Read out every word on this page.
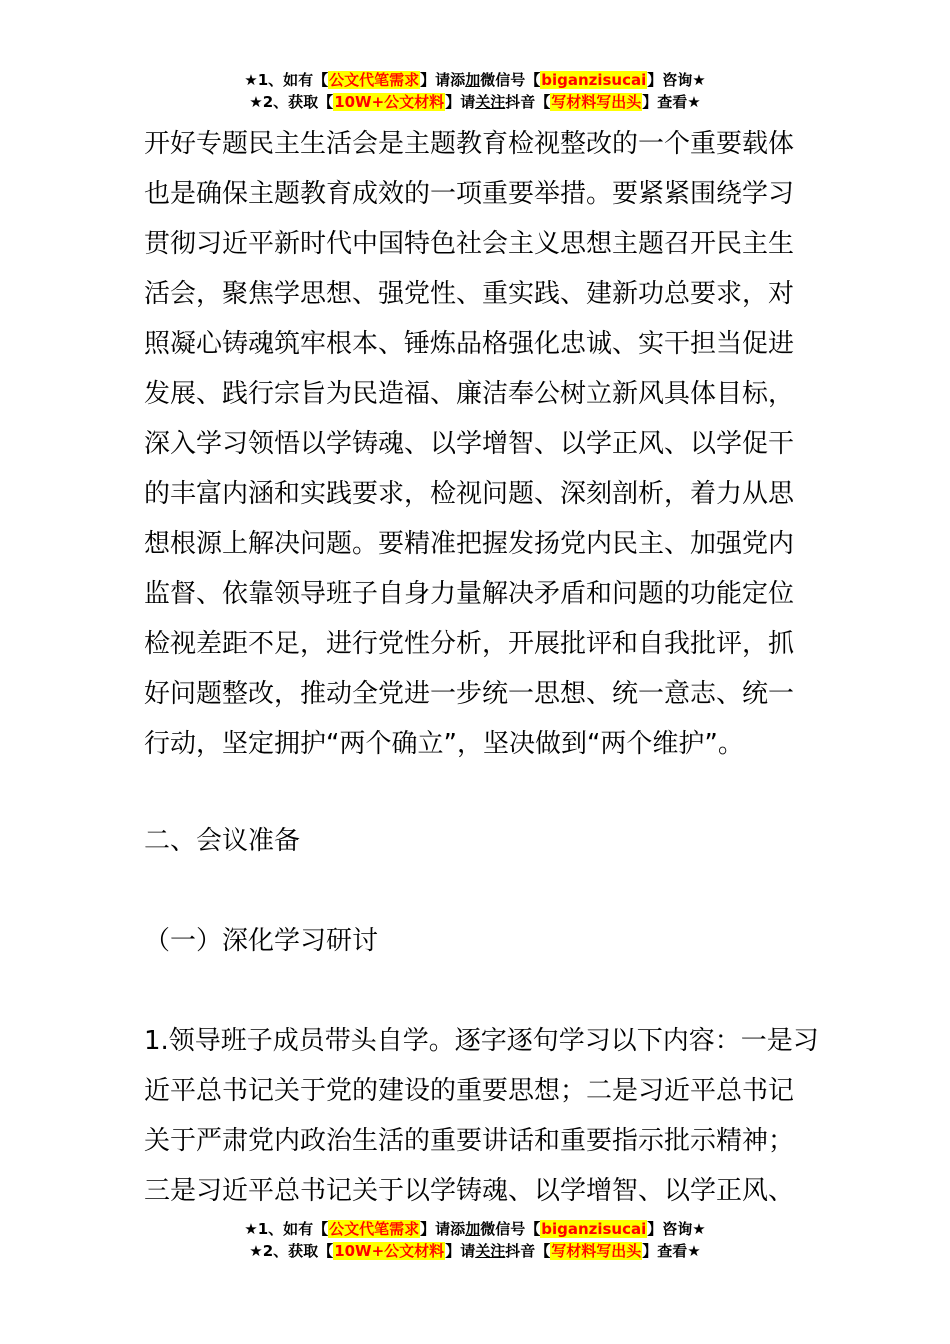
★1、如有【公文代笔需求】请添加微信号【biganzisucai】咨询★
★2、获取【10W+公文材料】请关注抖音【写材料写出头】查看★
开好专题民主生活会是主题教育检视整改的一个重要载体
也是确保主题教育成效的一项重要举措。要紧紧围绕学习
贯彻习近平新时代中国特色社会主义思想主题召开民主生
活会，聚焦学思想、强党性、重实践、建新功总要求，对
照凝心铸魂筑牢根本、锤炼品格强化忠诚、实干担当促进
发展、践行宗旨为民造福、廉洁奉公树立新风具体目标，
深入学习领悟以学铸魂、以学增智、以学正风、以学促干
的丰富内涵和实践要求，检视问题、深刻剖析，着力从思
想根源上解决问题。要精准把握发扬党内民主、加强党内
监督、依靠领导班子自身力量解决矛盾和问题的功能定位
检视差距不足，进行党性分析，开展批评和自我批评，抓
好问题整改，推动全党进一步统一思想、统一意志、统一
行动，坚定拥护“两个确立”，坚决做到“两个维护”。
二、会议准备
（一）深化学习研讨
1.领导班子成员带头自学。逐字逐句学习以下内容：一是习
近平总书记关于党的建设的重要思想；二是习近平总书记
关于严肃党内政治生活的重要讲话和重要指示批示精神；
三是习近平总书记关于以学铸魂、以学增智、以学正风、
★1、如有【公文代笔需求】请添加微信号【biganzisucai】咨询★
★2、获取【10W+公文材料】请关注抖音【写材料写出头】查看★
